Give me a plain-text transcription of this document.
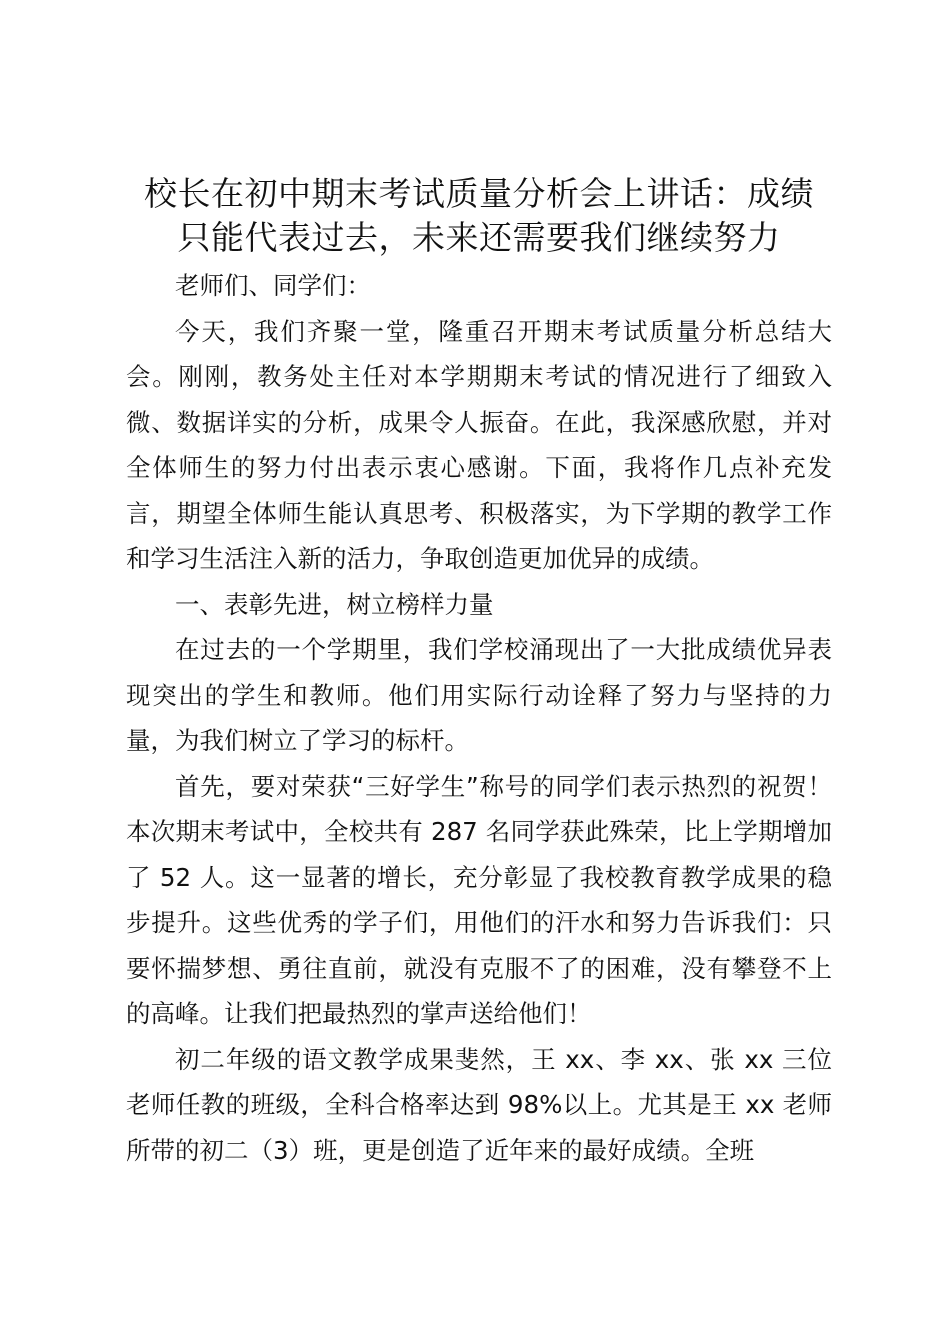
校长在初中期末考试质量分析会上讲话：成绩
只能代表过去，未来还需要我们继续努力

老师们、同学们：

今天，我们齐聚一堂，隆重召开期末考试质量分析总结大会。刚刚，教务处主任对本学期期末考试的情况进行了细致入微、数据详实的分析，成果令人振奋。在此，我深感欣慰，并对全体师生的努力付出表示衷心感谢。下面，我将作几点补充发言，期望全体师生能认真思考、积极落实，为下学期的教学工作和学习生活注入新的活力，争取创造更加优异的成绩。

一、表彰先进，树立榜样力量

在过去的一个学期里，我们学校涌现出了一大批成绩优异表现突出的学生和教师。他们用实际行动诠释了努力与坚持的力量，为我们树立了学习的标杆。

首先，要对荣获“三好学生”称号的同学们表示热烈的祝贺！本次期末考试中，全校共有 287 名同学获此殊荣，比上学期增加了 52 人。这一显著的增长，充分彰显了我校教育教学成果的稳步提升。这些优秀的学子们，用他们的汗水和努力告诉我们：只要怀揣梦想、勇往直前，就没有克服不了的困难，没有攀登不上的高峰。让我们把最热烈的掌声送给他们！

初二年级的语文教学成果斐然，王 xx、李 xx、张 xx 三位老师任教的班级，全科合格率达到 98%以上。尤其是王 xx 老师所带的初二（3）班，更是创造了近年来的最好成绩。全班
